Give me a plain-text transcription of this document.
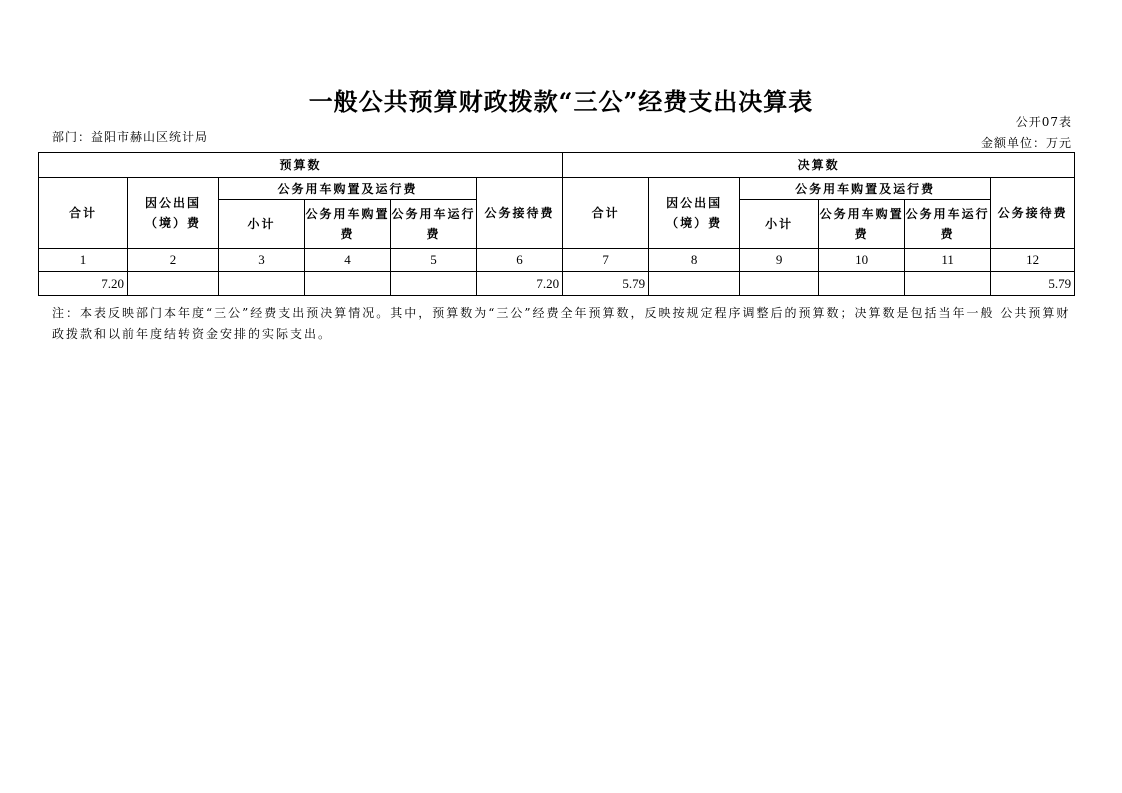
一般公共预算财政拨款“三公”经费支出决算表
公开07表
部门：益阳市赫山区统计局	金额单位：万元
预算数						决算数					
合计	因公出国（境）费	公务用车购置及运行费			公务接待费	合计	因公出国（境）费	公务用车购置及运行费			公务接待费
		小计	公务用车购置费	公务用车运行费				小计	公务用车购置费	公务用车运行费	
1	2	3	4	5	6	7	8	9	10	11	12
7.20					7.20	5.79					5.79
注：本表反映部门本年度“三公”经费支出预决算情况。其中，预算数为“三公”经费全年预算数，反映按规定程序调整后的预算数；决算数是包括当年一般 公共预算财政拨款和以前年度结转资金安排的实际支出。
